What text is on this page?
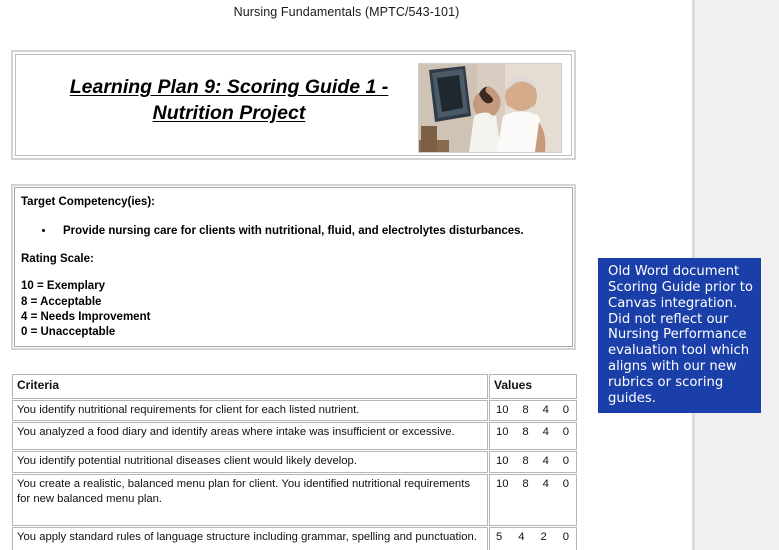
Nursing Fundamentals (MPTC/543-101)
Learning Plan 9: Scoring Guide 1 - Nutrition Project

Target Competency(ies):

• Provide nursing care for clients with nutritional, fluid, and electrolytes disturbances.

Rating Scale:

10 = Exemplary

8 = Acceptable

4 = Needs Improvement

0 = Unacceptable

Criteria	Values
You identify nutritional requirements for client for each listed nutrient.	10 8 4 0

You analyzed a food diary and identify areas where intake was insufficient or excessive.	10 8 4 0

You identify potential nutritional diseases client would likely develop.	10 8 4 0

You create a realistic, balanced menu plan for client. You identified nutritional requirements for new balanced menu plan.	10 8 4 0

You apply standard rules of language structure including grammar, spelling and punctuation.	5 4 2 0
Old Word document Scoring Guide prior to Canvas integration. Did not reflect our Nursing Performance evaluation tool which aligns with our new rubrics or scoring guides.
